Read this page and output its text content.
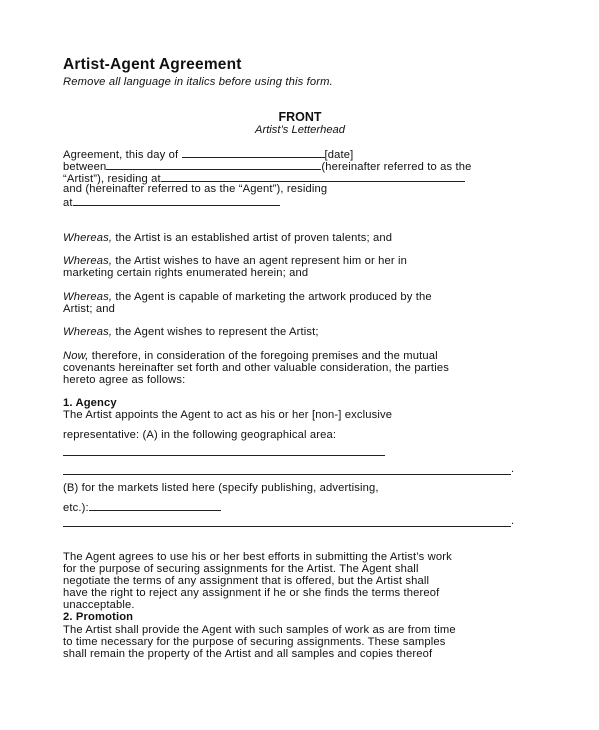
Artist-Agent Agreement
Remove all language in italics before using this form.
FRONT
Artist’s Letterhead
Agreement, this day of	[date]
between	(hereinafter referred to as the
“Artist”), residing at
and (hereinafter referred to as the “Agent”), residing
at
Whereas, the Artist is an established artist of proven talents; and
Whereas, the Artist wishes to have an agent represent him or her in
marketing certain rights enumerated herein; and
Whereas, the Agent is capable of marketing the artwork produced by the
Artist; and
Whereas, the Agent wishes to represent the Artist;
Now, therefore, in consideration of the foregoing premises and the mutual
covenants hereinafter set forth and other valuable consideration, the parties
hereto agree as follows:
1. Agency
The Artist appoints the Agent to act as his or her [non-] exclusive
representative: (A) in the following geographical area:
.
(B) for the markets listed here (specify publishing, advertising,
etc.):
.
The Agent agrees to use his or her best efforts in submitting the Artist’s work
for the purpose of securing assignments for the Artist. The Agent shall
negotiate the terms of any assignment that is offered, but the Artist shall
have the right to reject any assignment if he or she finds the terms thereof
unacceptable.
2. Promotion
The Artist shall provide the Agent with such samples of work as are from time
to time necessary for the purpose of securing assignments. These samples
shall remain the property of the Artist and all samples and copies thereof
